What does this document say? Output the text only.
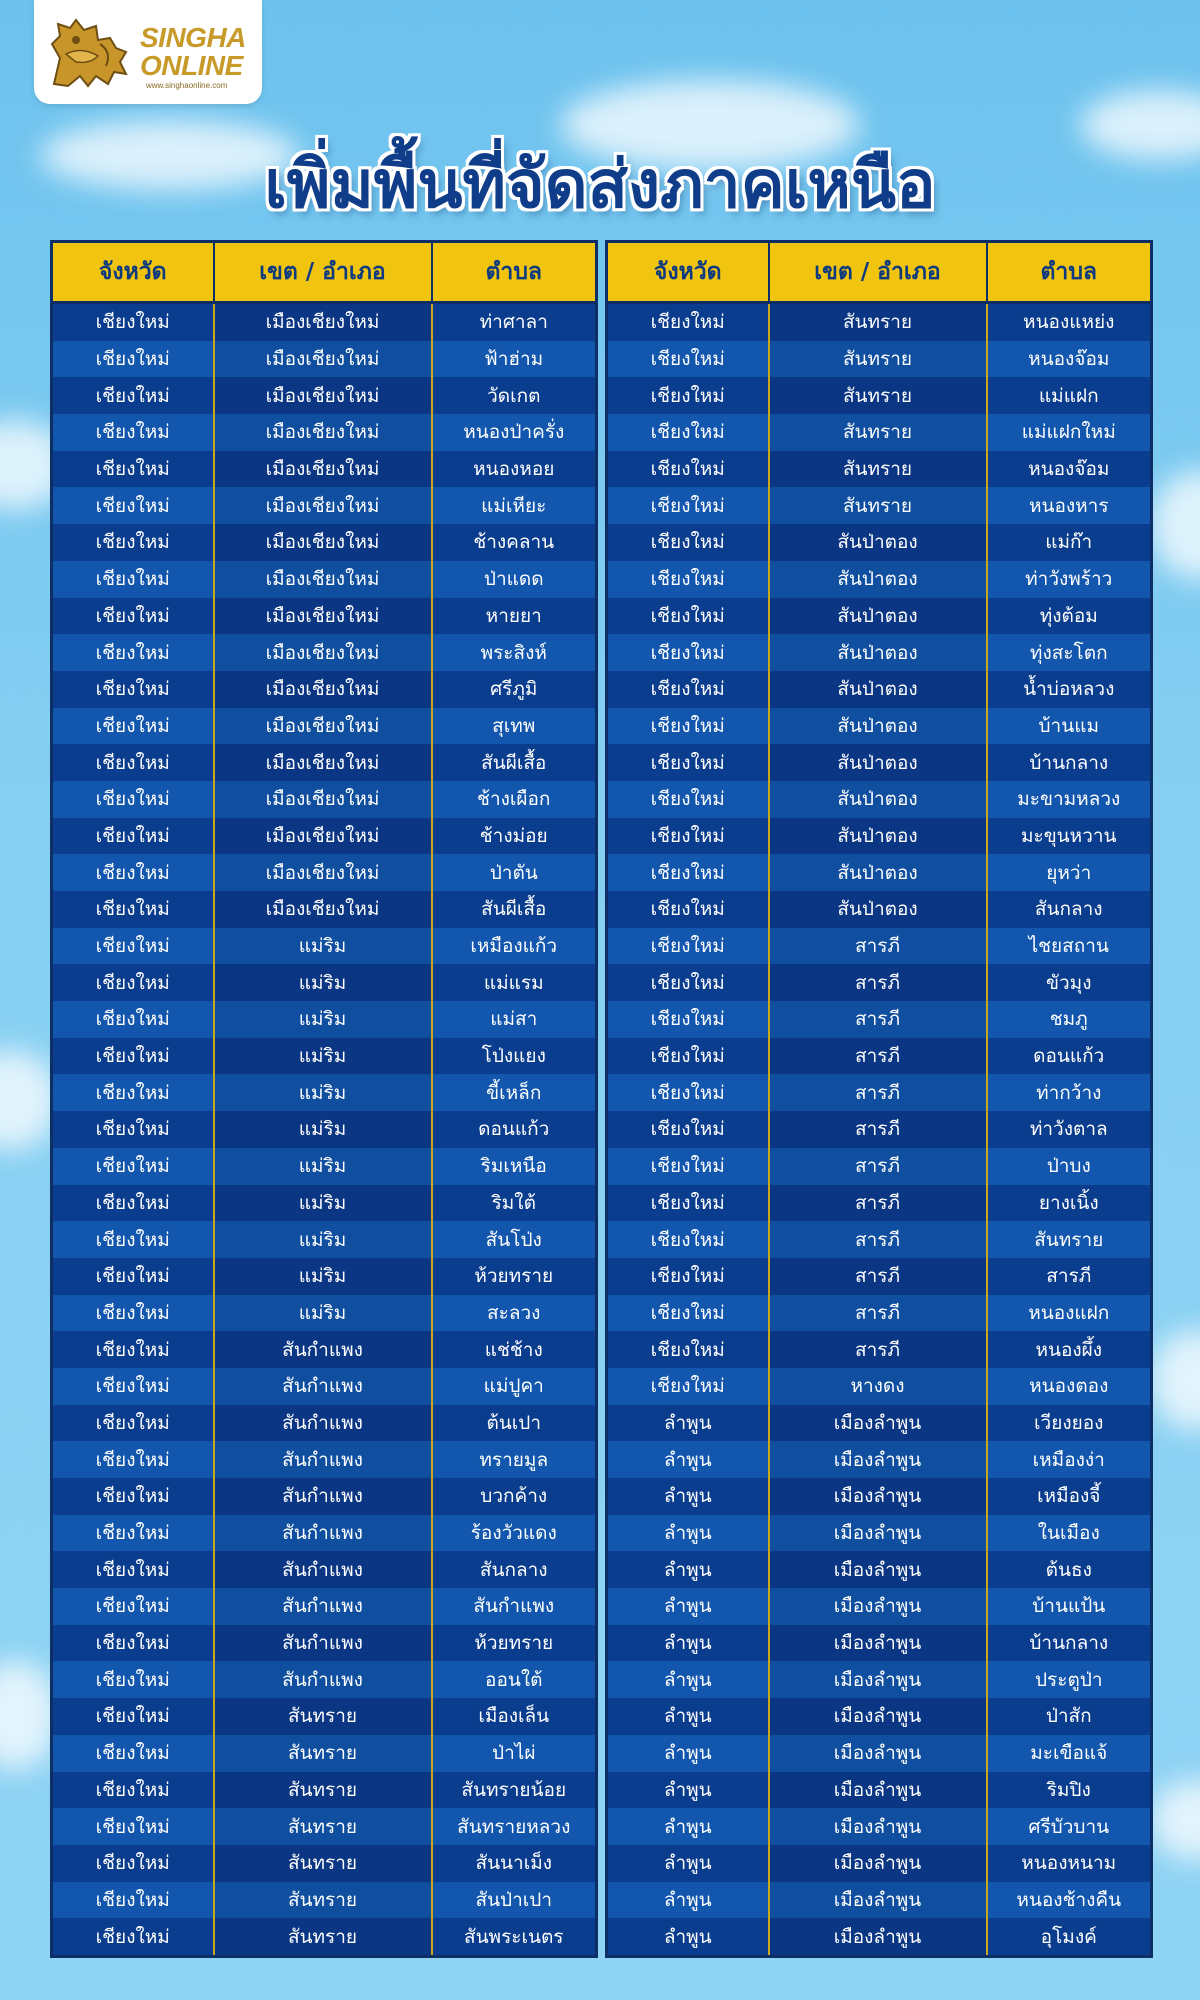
SINGHA
ONLINE
www.singhaonline.com
เพิ่มพื้นที่จัดส่งภาคเหนือ
จังหวัด	เขต / อำเภอ	ตำบล
เชียงใหม่	เมืองเชียงใหม่	ท่าศาลา
เชียงใหม่	เมืองเชียงใหม่	ฟ้าฮ่าม
เชียงใหม่	เมืองเชียงใหม่	วัดเกต
เชียงใหม่	เมืองเชียงใหม่	หนองป่าครั่ง
เชียงใหม่	เมืองเชียงใหม่	หนองหอย
เชียงใหม่	เมืองเชียงใหม่	แม่เหียะ
เชียงใหม่	เมืองเชียงใหม่	ช้างคลาน
เชียงใหม่	เมืองเชียงใหม่	ป่าแดด
เชียงใหม่	เมืองเชียงใหม่	หายยา
เชียงใหม่	เมืองเชียงใหม่	พระสิงห์
เชียงใหม่	เมืองเชียงใหม่	ศรีภูมิ
เชียงใหม่	เมืองเชียงใหม่	สุเทพ
เชียงใหม่	เมืองเชียงใหม่	สันผีเสื้อ
เชียงใหม่	เมืองเชียงใหม่	ช้างเผือก
เชียงใหม่	เมืองเชียงใหม่	ช้างม่อย
เชียงใหม่	เมืองเชียงใหม่	ป่าตัน
เชียงใหม่	เมืองเชียงใหม่	สันผีเสื้อ
เชียงใหม่	แม่ริม	เหมืองแก้ว
เชียงใหม่	แม่ริม	แม่แรม
เชียงใหม่	แม่ริม	แม่สา
เชียงใหม่	แม่ริม	โป่งแยง
เชียงใหม่	แม่ริม	ขี้เหล็ก
เชียงใหม่	แม่ริม	ดอนแก้ว
เชียงใหม่	แม่ริม	ริมเหนือ
เชียงใหม่	แม่ริม	ริมใต้
เชียงใหม่	แม่ริม	สันโป่ง
เชียงใหม่	แม่ริม	ห้วยทราย
เชียงใหม่	แม่ริม	สะลวง
เชียงใหม่	สันกำแพง	แช่ช้าง
เชียงใหม่	สันกำแพง	แม่ปูคา
เชียงใหม่	สันกำแพง	ต้นเปา
เชียงใหม่	สันกำแพง	ทรายมูล
เชียงใหม่	สันกำแพง	บวกค้าง
เชียงใหม่	สันกำแพง	ร้องวัวแดง
เชียงใหม่	สันกำแพง	สันกลาง
เชียงใหม่	สันกำแพง	สันกำแพง
เชียงใหม่	สันกำแพง	ห้วยทราย
เชียงใหม่	สันกำแพง	ออนใต้
เชียงใหม่	สันทราย	เมืองเล็น
เชียงใหม่	สันทราย	ป่าไผ่
เชียงใหม่	สันทราย	สันทรายน้อย
เชียงใหม่	สันทราย	สันทรายหลวง
เชียงใหม่	สันทราย	สันนาเม็ง
เชียงใหม่	สันทราย	สันป่าเปา
เชียงใหม่	สันทราย	สันพระเนตร
จังหวัด	เขต / อำเภอ	ตำบล
เชียงใหม่	สันทราย	หนองแหย่ง
เชียงใหม่	สันทราย	หนองจ๊อม
เชียงใหม่	สันทราย	แม่แฝก
เชียงใหม่	สันทราย	แม่แฝกใหม่
เชียงใหม่	สันทราย	หนองจ๊อม
เชียงใหม่	สันทราย	หนองหาร
เชียงใหม่	สันป่าตอง	แม่ก๊า
เชียงใหม่	สันป่าตอง	ท่าวังพร้าว
เชียงใหม่	สันป่าตอง	ทุ่งต้อม
เชียงใหม่	สันป่าตอง	ทุ่งสะโตก
เชียงใหม่	สันป่าตอง	น้ำบ่อหลวง
เชียงใหม่	สันป่าตอง	บ้านแม
เชียงใหม่	สันป่าตอง	บ้านกลาง
เชียงใหม่	สันป่าตอง	มะขามหลวง
เชียงใหม่	สันป่าตอง	มะขุนหวาน
เชียงใหม่	สันป่าตอง	ยุหว่า
เชียงใหม่	สันป่าตอง	สันกลาง
เชียงใหม่	สารภี	ไชยสถาน
เชียงใหม่	สารภี	ขัวมุง
เชียงใหม่	สารภี	ชมภู
เชียงใหม่	สารภี	ดอนแก้ว
เชียงใหม่	สารภี	ท่ากว้าง
เชียงใหม่	สารภี	ท่าวังตาล
เชียงใหม่	สารภี	ป่าบง
เชียงใหม่	สารภี	ยางเนิ้ง
เชียงใหม่	สารภี	สันทราย
เชียงใหม่	สารภี	สารภี
เชียงใหม่	สารภี	หนองแฝก
เชียงใหม่	สารภี	หนองผึ้ง
เชียงใหม่	หางดง	หนองตอง
ลำพูน	เมืองลำพูน	เวียงยอง
ลำพูน	เมืองลำพูน	เหมืองง่า
ลำพูน	เมืองลำพูน	เหมืองจี้
ลำพูน	เมืองลำพูน	ในเมือง
ลำพูน	เมืองลำพูน	ต้นธง
ลำพูน	เมืองลำพูน	บ้านแป้น
ลำพูน	เมืองลำพูน	บ้านกลาง
ลำพูน	เมืองลำพูน	ประตูป่า
ลำพูน	เมืองลำพูน	ป่าสัก
ลำพูน	เมืองลำพูน	มะเขือแจ้
ลำพูน	เมืองลำพูน	ริมปิง
ลำพูน	เมืองลำพูน	ศรีบัวบาน
ลำพูน	เมืองลำพูน	หนองหนาม
ลำพูน	เมืองลำพูน	หนองช้างคืน
ลำพูน	เมืองลำพูน	อุโมงค์
